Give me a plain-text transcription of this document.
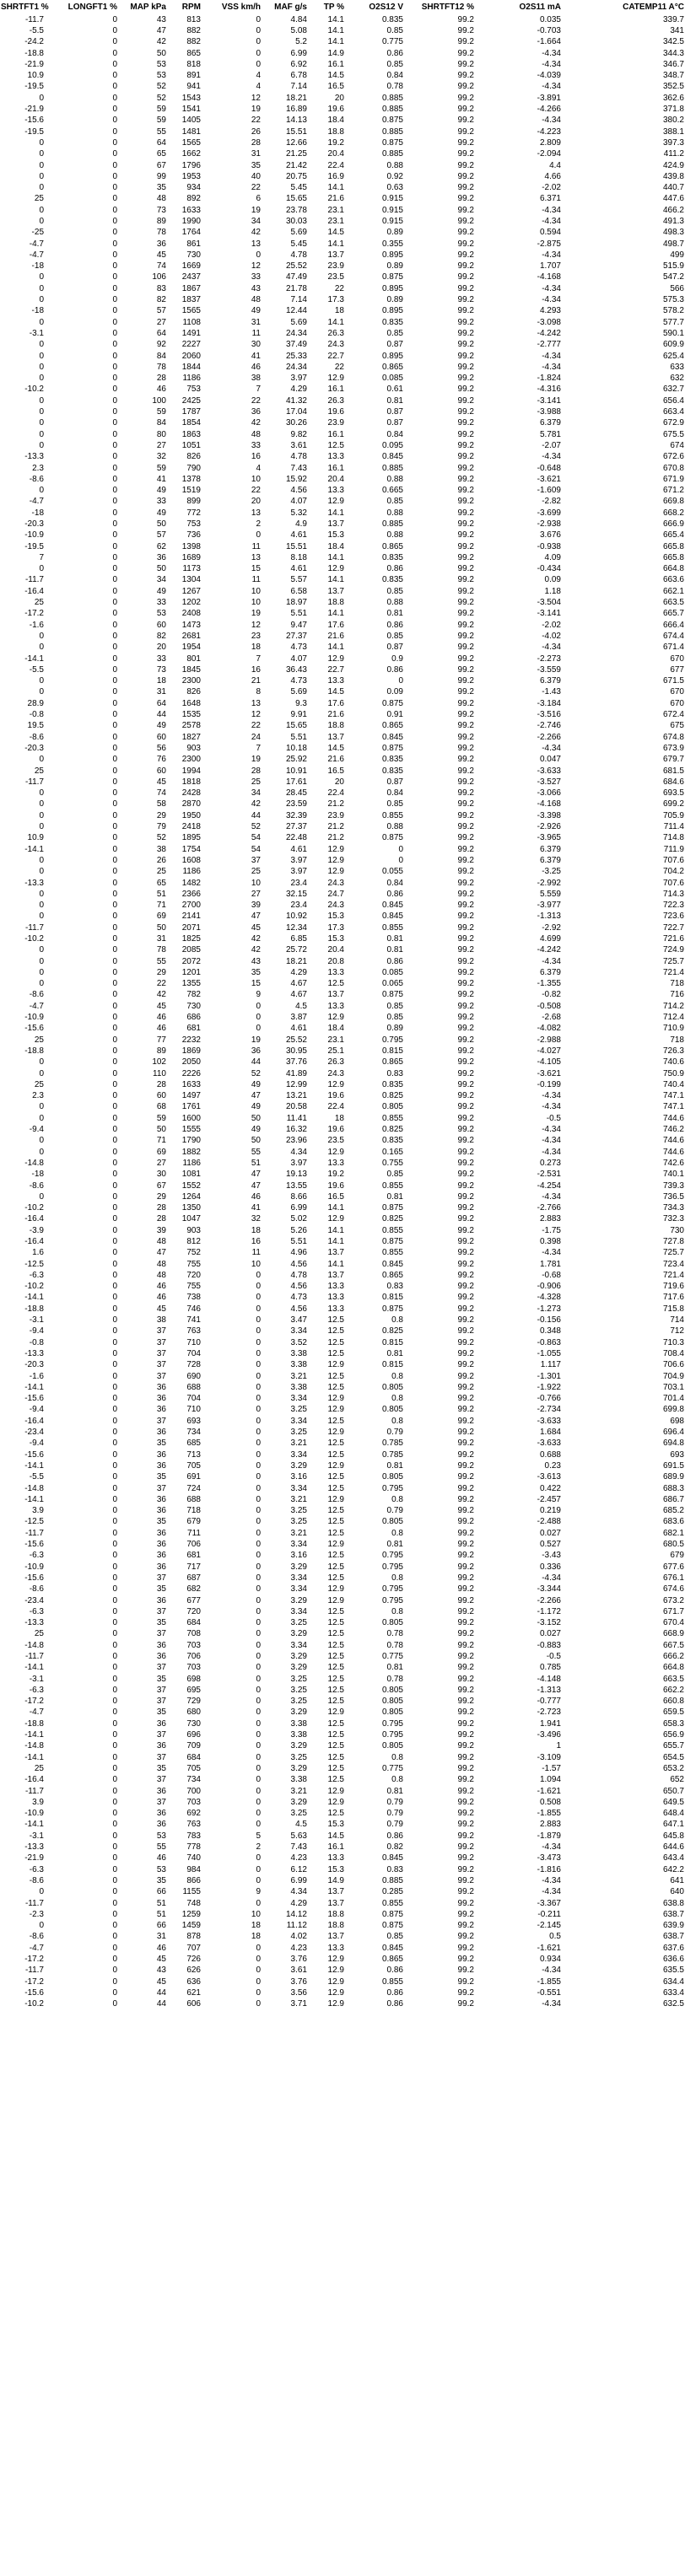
SHRTFT1 %	LONGFT1 %	MAP kPa	RPM	VSS km/h	MAF g/s	TP %	O2S12 V	SHRTFT12 %	O2S11 mA	CATEMP11 A°C
-11.7	0	43	813	0	4.84	14.1	0.835	99.2	0.035	339.7
-5.5	0	47	882	0	5.08	14.1	0.85	99.2	-0.703	341
-24.2	0	42	882	0	5.2	14.1	0.775	99.2	-1.664	342.5
-18.8	0	50	865	0	6.99	14.9	0.86	99.2	-4.34	344.3
-21.9	0	53	818	0	6.92	16.1	0.85	99.2	-4.34	346.7
10.9	0	53	891	4	6.78	14.5	0.84	99.2	-4.039	348.7
-19.5	0	52	941	4	7.14	16.5	0.78	99.2	-4.34	352.5
0	0	52	1543	12	18.21	20	0.885	99.2	-3.891	362.6
-21.9	0	59	1541	19	16.89	19.6	0.885	99.2	-4.266	371.8
-15.6	0	59	1405	22	14.13	18.4	0.875	99.2	-4.34	380.2
-19.5	0	55	1481	26	15.51	18.8	0.885	99.2	-4.223	388.1
0	0	64	1565	28	12.66	19.2	0.875	99.2	2.809	397.3
0	0	65	1662	31	21.25	20.4	0.885	99.2	-2.094	411.2
0	0	67	1796	35	21.42	22.4	0.88	99.2	4.4	424.9
0	0	99	1953	40	20.75	16.9	0.92	99.2	4.66	439.8
0	0	35	934	22	5.45	14.1	0.63	99.2	-2.02	440.7
25	0	48	892	6	15.65	21.6	0.915	99.2	6.371	447.6
0	0	73	1633	19	23.78	23.1	0.915	99.2	-4.34	466.2
0	0	89	1990	34	30.03	23.1	0.915	99.2	-4.34	491.3
-25	0	78	1764	42	5.69	14.5	0.89	99.2	0.594	498.3
-4.7	0	36	861	13	5.45	14.1	0.355	99.2	-2.875	498.7
-4.7	0	45	730	0	4.78	13.7	0.895	99.2	-4.34	499
-18	0	74	1669	12	25.52	23.9	0.89	99.2	1.707	515.9
0	0	106	2437	33	47.49	23.5	0.875	99.2	-4.168	547.2
0	0	83	1867	43	21.78	22	0.895	99.2	-4.34	566
0	0	82	1837	48	7.14	17.3	0.89	99.2	-4.34	575.3
-18	0	57	1565	49	12.44	18	0.895	99.2	4.293	578.2
0	0	27	1108	31	5.69	14.1	0.835	99.2	-3.098	577.7
-3.1	0	64	1491	11	24.34	26.3	0.85	99.2	-4.242	590.1
0	0	92	2227	30	37.49	24.3	0.87	99.2	-2.777	609.9
0	0	84	2060	41	25.33	22.7	0.895	99.2	-4.34	625.4
0	0	78	1844	46	24.34	22	0.865	99.2	-4.34	633
0	0	28	1186	38	3.97	12.9	0.085	99.2	-1.824	632
-10.2	0	46	753	7	4.29	16.1	0.61	99.2	-4.316	632.7
0	0	100	2425	22	41.32	26.3	0.81	99.2	-3.141	656.4
0	0	59	1787	36	17.04	19.6	0.87	99.2	-3.988	663.4
0	0	84	1854	42	30.26	23.9	0.87	99.2	6.379	672.9
0	0	80	1863	48	9.82	16.1	0.84	99.2	5.781	675.5
0	0	27	1051	33	3.61	12.5	0.095	99.2	-2.07	674
-13.3	0	32	826	16	4.78	13.3	0.845	99.2	-4.34	672.6
2.3	0	59	790	4	7.43	16.1	0.885	99.2	-0.648	670.8
-8.6	0	41	1378	10	15.92	20.4	0.88	99.2	-3.621	671.9
0	0	49	1519	22	4.56	13.3	0.665	99.2	-1.609	671.2
-4.7	0	33	899	20	4.07	12.9	0.85	99.2	-2.82	669.8
-18	0	49	772	13	5.32	14.1	0.88	99.2	-3.699	668.2
-20.3	0	50	753	2	4.9	13.7	0.885	99.2	-2.938	666.9
-10.9	0	57	736	0	4.61	15.3	0.88	99.2	3.676	665.4
-19.5	0	62	1398	11	15.51	18.4	0.865	99.2	-0.938	665.8
7	0	36	1689	13	8.18	14.1	0.835	99.2	4.09	665.8
0	0	50	1173	15	4.61	12.9	0.86	99.2	-0.434	664.8
-11.7	0	34	1304	11	5.57	14.1	0.835	99.2	0.09	663.6
-16.4	0	49	1267	10	6.58	13.7	0.85	99.2	1.18	662.1
25	0	33	1202	10	18.97	18.8	0.88	99.2	-3.504	663.5
-17.2	0	53	2408	19	5.51	14.1	0.81	99.2	-3.141	665.7
-1.6	0	60	1473	12	9.47	17.6	0.86	99.2	-2.02	666.4
0	0	82	2681	23	27.37	21.6	0.85	99.2	-4.02	674.4
0	0	20	1954	18	4.73	14.1	0.87	99.2	-4.34	671.4
-14.1	0	33	801	7	4.07	12.9	0.9	99.2	-2.273	670
-5.5	0	73	1845	16	36.43	22.7	0.86	99.2	-3.559	677
0	0	18	2300	21	4.73	13.3	0	99.2	6.379	671.5
0	0	31	826	8	5.69	14.5	0.09	99.2	-1.43	670
28.9	0	64	1648	13	9.3	17.6	0.875	99.2	-3.184	670
-0.8	0	44	1535	12	9.91	21.6	0.91	99.2	-3.516	672.4
19.5	0	49	2578	22	15.65	18.8	0.865	99.2	-2.746	675
-8.6	0	60	1827	24	5.51	13.7	0.845	99.2	-2.266	674.8
-20.3	0	56	903	7	10.18	14.5	0.875	99.2	-4.34	673.9
0	0	76	2300	19	25.92	21.6	0.835	99.2	0.047	679.7
25	0	60	1994	28	10.91	16.5	0.835	99.2	-3.633	681.5
-11.7	0	45	1818	25	17.61	20	0.87	99.2	-3.527	684.6
0	0	74	2428	34	28.45	22.4	0.84	99.2	-3.066	693.5
0	0	58	2870	42	23.59	21.2	0.85	99.2	-4.168	699.2
0	0	29	1950	44	32.39	23.9	0.855	99.2	-3.398	705.9
0	0	79	2418	52	27.37	21.2	0.88	99.2	-2.926	711.4
10.9	0	52	1895	54	22.48	21.2	0.875	99.2	-3.965	714.8
-14.1	0	38	1754	54	4.61	12.9	0	99.2	6.379	711.9
0	0	26	1608	37	3.97	12.9	0	99.2	6.379	707.6
0	0	25	1186	25	3.97	12.9	0.055	99.2	-3.25	704.2
-13.3	0	65	1482	10	23.4	24.3	0.84	99.2	-2.992	707.6
0	0	51	2366	27	32.15	24.7	0.86	99.2	5.559	714.3
0	0	71	2700	39	23.4	24.3	0.845	99.2	-3.977	722.3
0	0	69	2141	47	10.92	15.3	0.845	99.2	-1.313	723.6
-11.7	0	50	2071	45	12.34	17.3	0.855	99.2	-2.92	722.7
-10.2	0	31	1825	42	6.85	15.3	0.81	99.2	4.699	721.6
0	0	78	2085	42	25.72	20.4	0.81	99.2	-4.242	724.9
0	0	55	2072	43	18.21	20.8	0.86	99.2	-4.34	725.7
0	0	29	1201	35	4.29	13.3	0.085	99.2	6.379	721.4
0	0	22	1355	15	4.67	12.5	0.065	99.2	-1.355	718
-8.6	0	42	782	9	4.67	13.7	0.875	99.2	-0.82	716
-4.7	0	45	730	0	4.5	13.3	0.85	99.2	-0.508	714.2
-10.9	0	46	686	0	3.87	12.9	0.85	99.2	-2.68	712.4
-15.6	0	46	681	0	4.61	18.4	0.89	99.2	-4.082	710.9
25	0	77	2232	19	25.52	23.1	0.795	99.2	-2.988	718
-18.8	0	89	1869	36	30.95	25.1	0.815	99.2	-4.027	726.3
0	0	102	2050	44	37.76	26.3	0.865	99.2	-4.105	740.6
0	0	110	2226	52	41.89	24.3	0.83	99.2	-3.621	750.9
25	0	28	1633	49	12.99	12.9	0.835	99.2	-0.199	740.4
2.3	0	60	1497	47	13.21	19.6	0.825	99.2	-4.34	747.1
0	0	68	1761	49	20.58	22.4	0.805	99.2	-4.34	747.1
0	0	59	1600	50	11.41	18	0.855	99.2	-0.5	744.6
-9.4	0	50	1555	49	16.32	19.6	0.825	99.2	-4.34	746.2
0	0	71	1790	50	23.96	23.5	0.835	99.2	-4.34	744.6
0	0	69	1882	55	4.34	12.9	0.165	99.2	-4.34	744.6
-14.8	0	27	1186	51	3.97	13.3	0.755	99.2	0.273	742.6
-18	0	30	1081	47	19.13	19.2	0.85	99.2	-2.531	740.1
-8.6	0	67	1552	47	13.55	19.6	0.855	99.2	-4.254	739.3
0	0	29	1264	46	8.66	16.5	0.81	99.2	-4.34	736.5
-10.2	0	28	1350	41	6.99	14.1	0.875	99.2	-2.766	734.3
-16.4	0	28	1047	32	5.02	12.9	0.825	99.2	2.883	732.3
-3.9	0	39	903	18	5.26	14.1	0.855	99.2	-1.75	730
-16.4	0	48	812	16	5.51	14.1	0.875	99.2	0.398	727.8
1.6	0	47	752	11	4.96	13.7	0.855	99.2	-4.34	725.7
-12.5	0	48	755	10	4.56	14.1	0.845	99.2	1.781	723.4
-6.3	0	48	720	0	4.78	13.7	0.865	99.2	-0.68	721.4
-10.2	0	46	755	0	4.56	13.3	0.83	99.2	-0.906	719.6
-14.1	0	46	738	0	4.73	13.3	0.815	99.2	-4.328	717.6
-18.8	0	45	746	0	4.56	13.3	0.875	99.2	-1.273	715.8
-3.1	0	38	741	0	3.47	12.5	0.8	99.2	-0.156	714
-9.4	0	37	763	0	3.34	12.5	0.825	99.2	0.348	712
-0.8	0	37	710	0	3.52	12.5	0.815	99.2	-0.863	710.3
-13.3	0	37	704	0	3.38	12.5	0.81	99.2	-1.055	708.4
-20.3	0	37	728	0	3.38	12.9	0.815	99.2	1.117	706.6
-1.6	0	37	690	0	3.21	12.5	0.8	99.2	-1.301	704.9
-14.1	0	36	688	0	3.38	12.5	0.805	99.2	-1.922	703.1
-15.6	0	36	704	0	3.34	12.9	0.8	99.2	-0.766	701.4
-9.4	0	36	710	0	3.25	12.9	0.805	99.2	-2.734	699.8
-16.4	0	37	693	0	3.34	12.5	0.8	99.2	-3.633	698
-23.4	0	36	734	0	3.25	12.9	0.79	99.2	1.684	696.4
-9.4	0	35	685	0	3.21	12.5	0.785	99.2	-3.633	694.8
-15.6	0	36	713	0	3.34	12.5	0.785	99.2	0.688	693
-14.1	0	36	705	0	3.29	12.9	0.81	99.2	0.23	691.5
-5.5	0	35	691	0	3.16	12.5	0.805	99.2	-3.613	689.9
-14.8	0	37	724	0	3.34	12.5	0.795	99.2	0.422	688.3
-14.1	0	36	688	0	3.21	12.9	0.8	99.2	-2.457	686.7
3.9	0	36	718	0	3.25	12.5	0.79	99.2	0.219	685.2
-12.5	0	35	679	0	3.25	12.5	0.805	99.2	-2.488	683.6
-11.7	0	36	711	0	3.21	12.5	0.8	99.2	0.027	682.1
-15.6	0	36	706	0	3.34	12.9	0.81	99.2	0.527	680.5
-6.3	0	36	681	0	3.16	12.5	0.795	99.2	-3.43	679
-10.9	0	36	717	0	3.29	12.5	0.795	99.2	0.336	677.6
-15.6	0	37	687	0	3.34	12.5	0.8	99.2	-4.34	676.1
-8.6	0	35	682	0	3.34	12.9	0.795	99.2	-3.344	674.6
-23.4	0	36	677	0	3.29	12.9	0.795	99.2	-2.266	673.2
-6.3	0	37	720	0	3.34	12.5	0.8	99.2	-1.172	671.7
-13.3	0	35	684	0	3.25	12.5	0.805	99.2	-3.152	670.4
25	0	37	708	0	3.29	12.5	0.78	99.2	0.027	668.9
-14.8	0	36	703	0	3.34	12.5	0.78	99.2	-0.883	667.5
-11.7	0	36	706	0	3.29	12.5	0.775	99.2	-0.5	666.2
-14.1	0	37	703	0	3.29	12.5	0.81	99.2	0.785	664.8
-3.1	0	35	698	0	3.25	12.5	0.78	99.2	-4.148	663.5
-6.3	0	37	695	0	3.25	12.5	0.805	99.2	-1.313	662.2
-17.2	0	37	729	0	3.25	12.5	0.805	99.2	-0.777	660.8
-4.7	0	35	680	0	3.29	12.9	0.805	99.2	-2.723	659.5
-18.8	0	36	730	0	3.38	12.5	0.795	99.2	1.941	658.3
-14.1	0	37	696	0	3.38	12.5	0.795	99.2	-3.496	656.9
-14.8	0	36	709	0	3.29	12.5	0.805	99.2	1	655.7
-14.1	0	37	684	0	3.25	12.5	0.8	99.2	-3.109	654.5
25	0	35	705	0	3.29	12.5	0.775	99.2	-1.57	653.2
-16.4	0	37	734	0	3.38	12.5	0.8	99.2	1.094	652
-11.7	0	36	700	0	3.21	12.9	0.81	99.2	-1.621	650.7
3.9	0	37	703	0	3.29	12.9	0.79	99.2	0.508	649.5
-10.9	0	36	692	0	3.25	12.5	0.79	99.2	-1.855	648.4
-14.1	0	36	763	0	4.5	15.3	0.79	99.2	2.883	647.1
-3.1	0	53	783	5	5.63	14.5	0.86	99.2	-1.879	645.8
-13.3	0	55	778	2	7.43	16.1	0.82	99.2	-4.34	644.6
-21.9	0	46	740	0	4.23	13.3	0.845	99.2	-3.473	643.4
-6.3	0	53	984	0	6.12	15.3	0.83	99.2	-1.816	642.2
-8.6	0	35	866	0	6.99	14.9	0.885	99.2	-4.34	641
0	0	66	1155	9	4.34	13.7	0.285	99.2	-4.34	640
-11.7	0	51	748	0	4.29	13.7	0.855	99.2	-3.367	638.8
-2.3	0	51	1259	10	14.12	18.8	0.875	99.2	-0.211	638.7
0	0	66	1459	18	11.12	18.8	0.875	99.2	-2.145	639.9
-8.6	0	31	878	18	4.02	13.7	0.85	99.2	0.5	638.7
-4.7	0	46	707	0	4.23	13.3	0.845	99.2	-1.621	637.6
-17.2	0	45	726	0	3.76	12.9	0.865	99.2	0.934	636.6
-11.7	0	43	626	0	3.61	12.9	0.86	99.2	-4.34	635.5
-17.2	0	45	636	0	3.76	12.9	0.855	99.2	-1.855	634.4
-15.6	0	44	621	0	3.56	12.9	0.86	99.2	-0.551	633.4
-10.2	0	44	606	0	3.71	12.9	0.86	99.2	-4.34	632.5
